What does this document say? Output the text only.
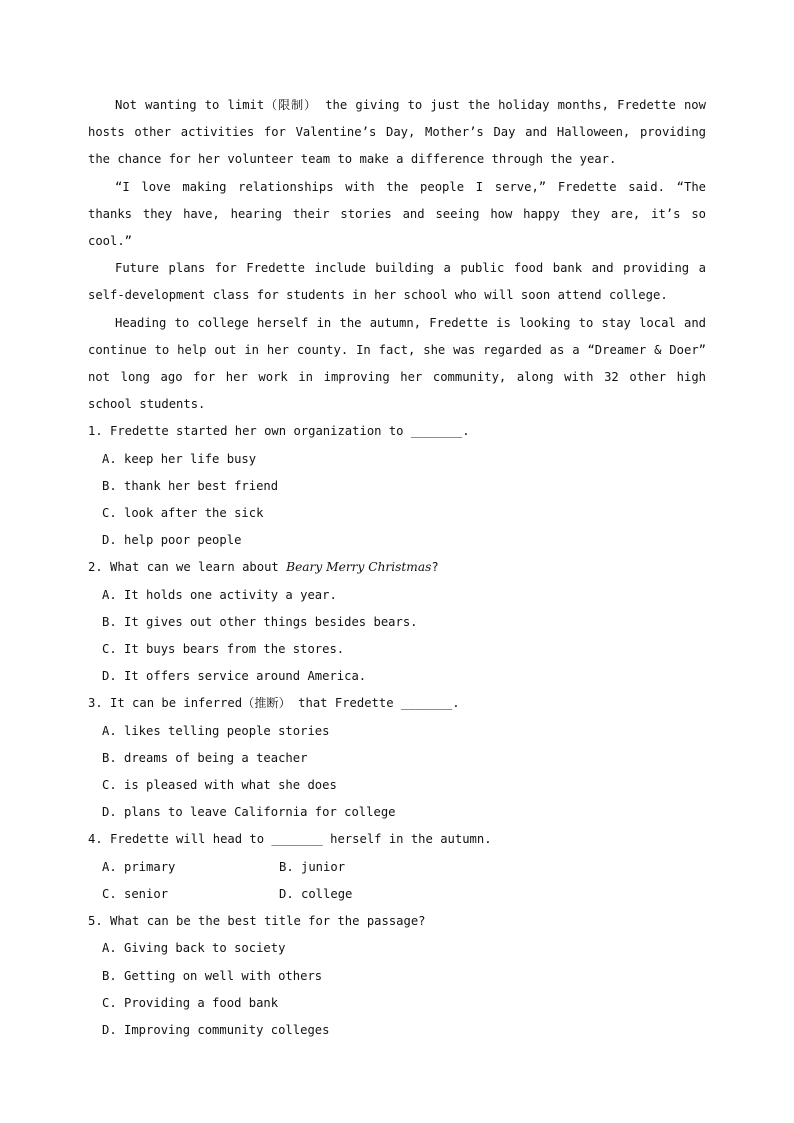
Not wanting to limit（限制） the giving to just the holiday months, Fredette now hosts other activities for Valentine’s Day, Mother’s Day and Halloween, providing the chance for her volunteer team to make a difference through the year.

“I love making relationships with the people I serve,” Fredette said. “The thanks they have, hearing their stories and seeing how happy they are, it’s so cool.”

Future plans for Fredette include building a public food bank and providing a self-development class for students in her school who will soon attend college.

Heading to college herself in the autumn, Fredette is looking to stay local and continue to help out in her county. In fact, she was regarded as a “Dreamer & Doer” not long ago for her work in improving her community, along with 32 other high school students.

1. Fredette started her own organization to _______.

A. keep her life busy

B. thank her best friend

C. look after the sick

D. help poor people

2. What can we learn about Beary Merry Christmas?

A. It holds one activity a year.

B. It gives out other things besides bears.

C. It buys bears from the stores.

D. It offers service around America.

3. It can be inferred（推断） that Fredette _______.

A. likes telling people stories

B. dreams of being a teacher

C. is pleased with what she does

D. plans to leave California for college

4. Fredette will head to _______ herself in the autumn.

A. primary	B. junior
C. senior	D. college

5. What can be the best title for the passage?

A. Giving back to society

B. Getting on well with others

C. Providing a food bank

D. Improving community colleges
